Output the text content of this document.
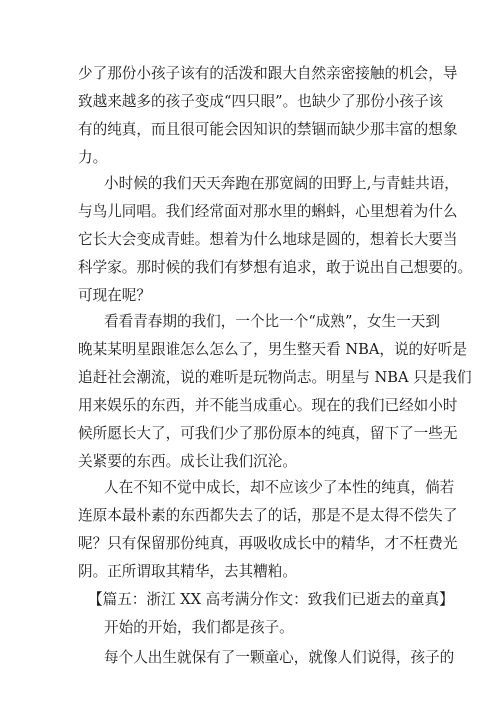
少了那份小孩子该有的活泼和跟大自然亲密接触的机会，导
致越来越多的孩子变成“四只眼”。也缺少了那份小孩子该
有的纯真，而且很可能会因知识的禁锢而缺少那丰富的想象
力。
小时候的我们天天奔跑在那宽阔的田野上,与青蛙共语，
与鸟儿同唱。我们经常面对那水里的蝌蚪，心里想着为什么
它长大会变成青蛙。想着为什么地球是圆的，想着长大要当
科学家。那时候的我们有梦想有追求，敢于说出自己想要的。
可现在呢？
看看青春期的我们，一个比一个“成熟”，女生一天到
晚某某明星跟谁怎么怎么了，男生整天看 NBA，说的好听是
追赶社会潮流，说的难听是玩物尚志。明星与 NBA 只是我们
用来娱乐的东西，并不能当成重心。现在的我们已经如小时
候所愿长大了，可我们少了那份原本的纯真，留下了一些无
关紧要的东西。成长让我们沉沦。
人在不知不觉中成长，却不应该少了本性的纯真，倘若
连原本最朴素的东西都失去了的话，那是不是太得不偿失了
呢？只有保留那份纯真，再吸收成长中的精华，才不枉费光
阴。正所谓取其精华，去其糟粕。
【篇五：浙江 XX 高考满分作文：致我们已逝去的童真】
开始的开始，我们都是孩子。
每个人出生就保有了一颗童心，就像人们说得，孩子的
